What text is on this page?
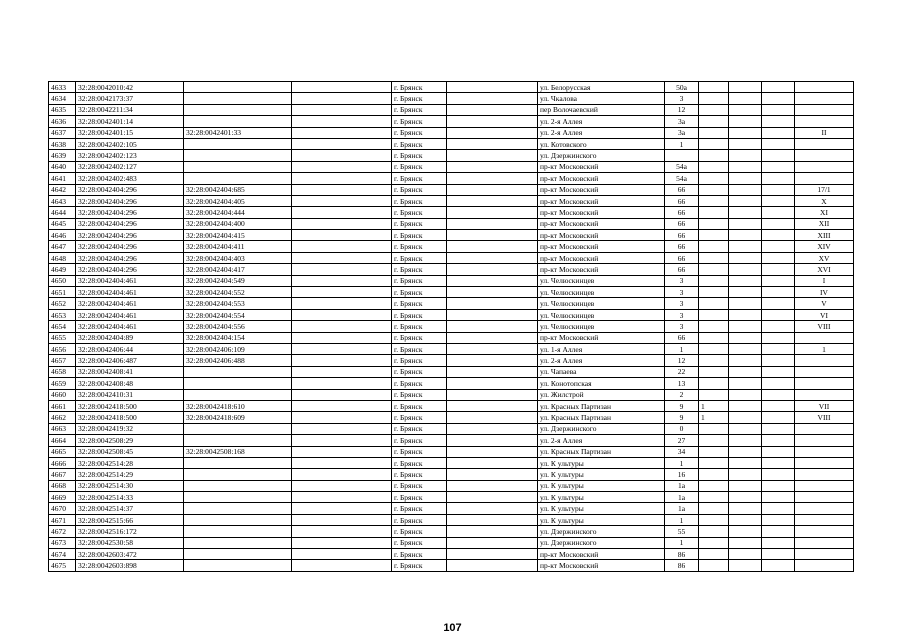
4633	32:28:0042010:42			г. Брянск		ул. Белорусская	50а				
4634	32:28:0042173:37			г. Брянск		ул. Чкалова	3				
4635	32:28:0042211:34			г. Брянск		пер Волочаевский	12				
4636	32:28:0042401:14			г. Брянск		ул. 2-я Аллея	3а				
4637	32:28:0042401:15	32:28:0042401:33		г. Брянск		ул. 2-я Аллея	3а				II
4638	32:28:0042402:105			г. Брянск		ул. Котовского	1				
4639	32:28:0042402:123			г. Брянск		ул. Дзержинского					
4640	32:28:0042402:127			г. Брянск		пр-кт Московский	54а				
4641	32:28:0042402:483			г. Брянск		пр-кт Московский	54а				
4642	32:28:0042404:296	32:28:0042404:685		г. Брянск		пр-кт Московский	66				17/1
4643	32:28:0042404:296	32:28:0042404:405		г. Брянск		пр-кт Московский	66				X
4644	32:28:0042404:296	32:28:0042404:444		г. Брянск		пр-кт Московский	66				XI
4645	32:28:0042404:296	32:28:0042404:400		г. Брянск		пр-кт Московский	66				XII
4646	32:28:0042404:296	32:28:0042404:415		г. Брянск		пр-кт Московский	66				XIII
4647	32:28:0042404:296	32:28:0042404:411		г. Брянск		пр-кт Московский	66				XIV
4648	32:28:0042404:296	32:28:0042404:403		г. Брянск		пр-кт Московский	66				XV
4649	32:28:0042404:296	32:28:0042404:417		г. Брянск		пр-кт Московский	66				XVI
4650	32:28:0042404:461	32:28:0042404:549		г. Брянск		ул. Челюскинцев	3				I
4651	32:28:0042404:461	32:28:0042404:552		г. Брянск		ул. Челюскинцев	3				IV
4652	32:28:0042404:461	32:28:0042404:553		г. Брянск		ул. Челюскинцев	3				V
4653	32:28:0042404:461	32:28:0042404:554		г. Брянск		ул. Челюскинцев	3				VI
4654	32:28:0042404:461	32:28:0042404:556		г. Брянск		ул. Челюскинцев	3				VIII
4655	32:28:0042404:89	32:28:0042404:154		г. Брянск		пр-кт Московский	66				
4656	32:28:0042406:44	32:28:0042406:109		г. Брянск		ул. 1-я Аллея	1				1
4657	32:28:0042406:487	32:28:0042406:488		г. Брянск		ул. 2-я Аллея	12				
4658	32:28:0042408:41			г. Брянск		ул. Чапаева	22				
4659	32:28:0042408:48			г. Брянск		ул. Конотопская	13				
4660	32:28:0042410:31			г. Брянск		ул. Жилстрой	2				
4661	32:28:0042418:500	32:28:0042418:610		г. Брянск		ул. Красных Партизан	9	1			VII
4662	32:28:0042418:500	32:28:0042418:609		г. Брянск		ул. Красных Партизан	9	1			VIII
4663	32:28:0042419:32			г. Брянск		ул. Дзержинского	0				
4664	32:28:0042508:29			г. Брянск		ул. 2-я Аллея	27				
4665	32:28:0042508:45	32:28:0042508:168		г. Брянск		ул. Красных Партизан	34				
4666	32:28:0042514:28			г. Брянск		ул. К ультуры	1				
4667	32:28:0042514:29			г. Брянск		ул. К ультуры	16				
4668	32:28:0042514:30			г. Брянск		ул. К ультуры	1а				
4669	32:28:0042514:33			г. Брянск		ул. К ультуры	1а				
4670	32:28:0042514:37			г. Брянск		ул. К ультуры	1а				
4671	32:28:0042515:66			г. Брянск		ул. К ультуры	1				
4672	32:28:0042516:172			г. Брянск		ул. Дзержинского	55				
4673	32:28:0042530:58			г. Брянск		ул. Дзержинского	1				
4674	32:28:0042603:472			г. Брянск		пр-кт Московский	86				
4675	32:28:0042603:898			г. Брянск		пр-кт Московский	86				
107
